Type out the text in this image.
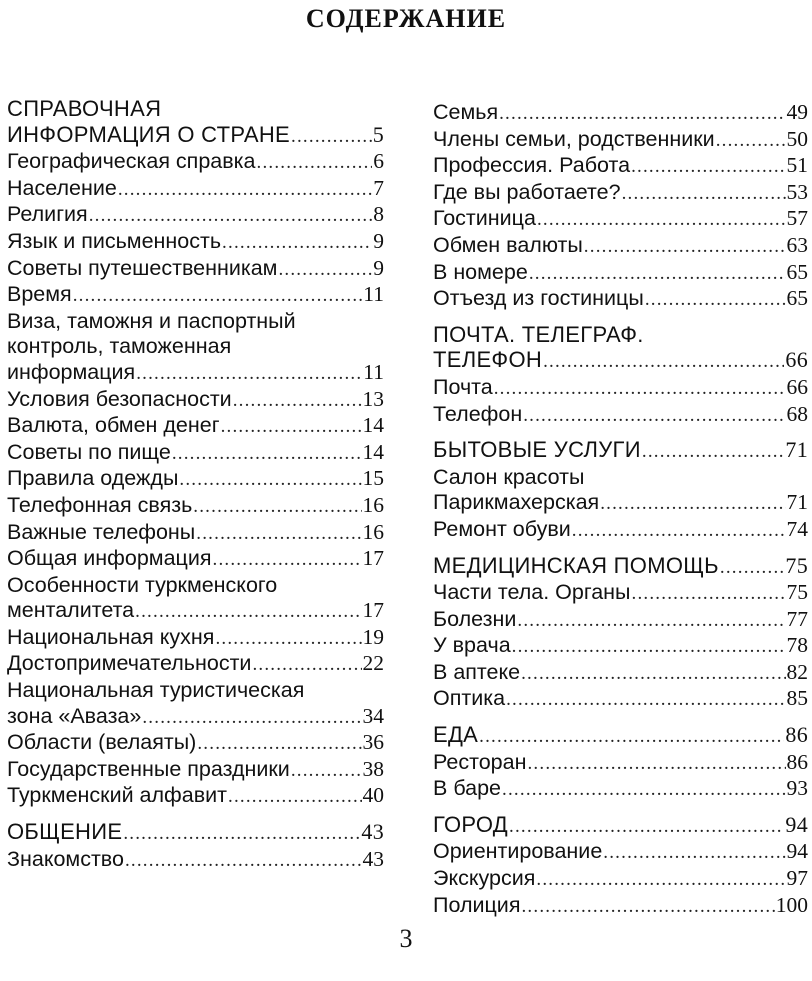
СОДЕРЖАНИЕ
СПРАВОЧНАЯ
ИНФОРМАЦИЯ О СТРАНЕ .....	5
Географическая справка .....	6
Население .....	7
Религия .....	8
Язык и письменность .....	9
Советы путешественникам .....	9
Время .....	11
Виза, таможня и паспортный
контроль, таможенная
информация .....	11
Условия безопасности .....	13
Валюта, обмен денег .....	14
Советы по пище .....	14
Правила одежды .....	15
Телефонная связь .....	16
Важные телефоны .....	16
Общая информация .....	17
Особенности туркменского
менталитета .....	17
Национальная кухня .....	19
Достопримечательности .....	22
Национальная туристическая
зона «Аваза» .....	34
Области (велаяты) .....	36
Государственные праздники .....	38
Туркменский алфавит .....	40
ОБЩЕНИЕ .....	43
Знакомство .....	43
Семья .....	49
Члены семьи, родственники .....	50
Профессия. Работа .....	51
Где вы работаете? .....	53
Гостиница .....	57
Обмен валюты .....	63
В номере .....	65
Отъезд из гостиницы .....	65
ПОЧТА. ТЕЛЕГРАФ.
ТЕЛЕФОН .....	66
Почта .....	66
Телефон .....	68
БЫТОВЫЕ УСЛУГИ .....	71
Салон красоты
Парикмахерская .....	71
Ремонт обуви .....	74
МЕДИЦИНСКАЯ ПОМОЩЬ .....	75
Части тела. Органы .....	75
Болезни .....	77
У врача .....	78
В аптеке .....	82
Оптика .....	85
ЕДА .....	86
Ресторан .....	86
В баре .....	93
ГОРОД .....	94
Ориентирование .....	94
Экскурсия .....	97
Полиция .....	100
3
